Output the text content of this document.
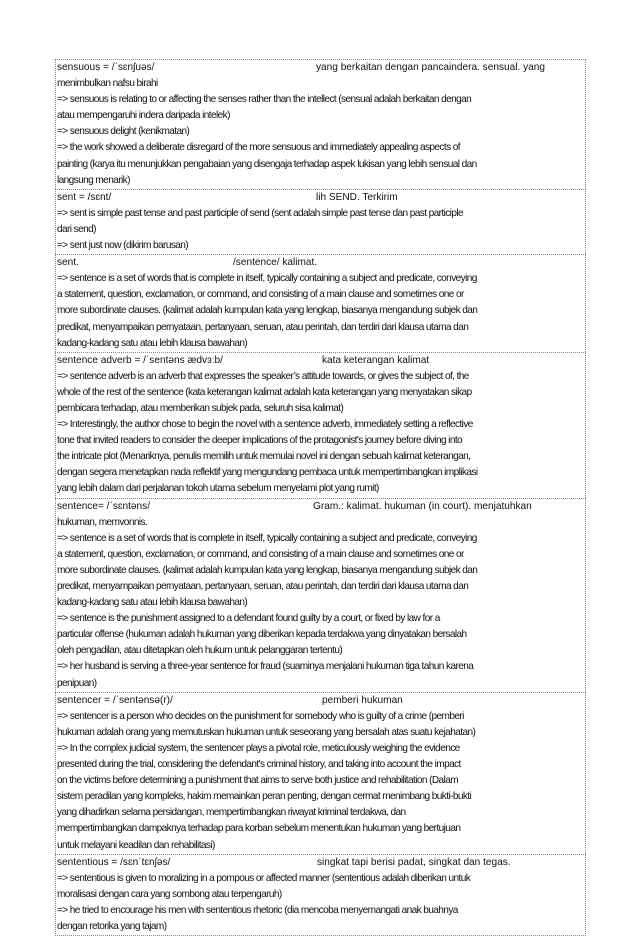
sensuous = /ˈsɛnʃuəs/	yang berkaitan dengan pancaindera. sensual. yang
menimbulkan nafsu birahi
=> sensuous is relating to or affecting the senses rather than the intellect (sensual adalah berkaitan dengan
atau mempengaruhi indera daripada intelek)
=> sensuous delight (kenikmatan)
=> the work showed a deliberate disregard of the more sensuous and immediately appealing aspects of
painting (karya itu menunjukkan pengabaian yang disengaja terhadap aspek lukisan yang lebih sensual dan
langsung menarik)
sent = /sɛnt/	lih SEND. Terkirim
=> sent is simple past tense and past participle of send (sent adalah simple past tense dan past participle
dari send)
=> sent just now (dikirim barusan)
sent.	/sentence/ kalimat.
=> sentence is a set of words that is complete in itself, typically containing a subject and predicate, conveying
a statement, question, exclamation, or command, and consisting of a main clause and sometimes one or
more subordinate clauses. (kalimat adalah kumpulan kata yang lengkap, biasanya mengandung subjek dan
predikat, menyampaikan pernyataan, pertanyaan, seruan, atau perintah, dan terdiri dari klausa utama dan
kadang-kadang satu atau lebih klausa bawahan)
sentence adverb = /ˈsentəns ædvɜːb/	kata keterangan kalimat
=> sentence adverb is an adverb that expresses the speaker’s attitude towards, or gives the subject of, the
whole of the rest of the sentence (kata keterangan kalimat adalah kata keterangan yang menyatakan sikap
pembicara terhadap, atau memberikan subjek pada, seluruh sisa kalimat)
=> Interestingly, the author chose to begin the novel with a sentence adverb, immediately setting a reflective
tone that invited readers to consider the deeper implications of the protagonist's journey before diving into
the intricate plot (Menariknya, penulis memilih untuk memulai novel ini dengan sebuah kalimat keterangan,
dengan segera menetapkan nada reflektif yang mengundang pembaca untuk mempertimbangkan implikasi
yang lebih dalam dari perjalanan tokoh utama sebelum menyelami plot yang rumit)
sentence= /ˈsɛntəns/	Gram.: kalimat. hukuman (in court). menjatuhkan
hukuman, memvonnis.
=> sentence is a set of words that is complete in itself, typically containing a subject and predicate, conveying
a statement, question, exclamation, or command, and consisting of a main clause and sometimes one or
more subordinate clauses. (kalimat adalah kumpulan kata yang lengkap, biasanya mengandung subjek dan
predikat, menyampaikan pernyataan, pertanyaan, seruan, atau perintah, dan terdiri dari klausa utama dan
kadang-kadang satu atau lebih klausa bawahan)
=> sentence is the punishment assigned to a defendant found guilty by a court, or fixed by law for a
particular offense (hukuman adalah hukuman yang diberikan kepada terdakwa yang dinyatakan bersalah
oleh pengadilan, atau ditetapkan oleh hukum untuk pelanggaran tertentu)
=> her husband is serving a three-year sentence for fraud (suaminya menjalani hukuman tiga tahun karena
penipuan)
sentencer = /ˈsentənsə(r)/	pemberi hukuman
=> sentencer is a person who decides on the punishment for somebody who is guilty of a crime (pemberi
hukuman adalah orang yang memutuskan hukuman untuk seseorang yang bersalah atas suatu kejahatan)
=> In the complex judicial system, the sentencer plays a pivotal role, meticulously weighing the evidence
presented during the trial, considering the defendant's criminal history, and taking into account the impact
on the victims before determining a punishment that aims to serve both justice and rehabilitation (Dalam
sistem peradilan yang kompleks, hakim memainkan peran penting, dengan cermat menimbang bukti-bukti
yang dihadirkan selama persidangan, mempertimbangkan riwayat kriminal terdakwa, dan
mempertimbangkan dampaknya terhadap para korban sebelum menentukan hukuman yang bertujuan
untuk melayani keadilan dan rehabilitasi)
sententious = /sɛnˈtɛnʃəs/	singkat tapi berisi padat, singkat dan tegas.
=> sententious is given to moralizing in a pompous or affected manner (sententious adalah diberikan untuk
moralisasi dengan cara yang sombong atau terpengaruh)
=> he tried to encourage his men with sententious rhetoric (dia mencoba menyemangati anak buahnya
dengan retorika yang tajam)
